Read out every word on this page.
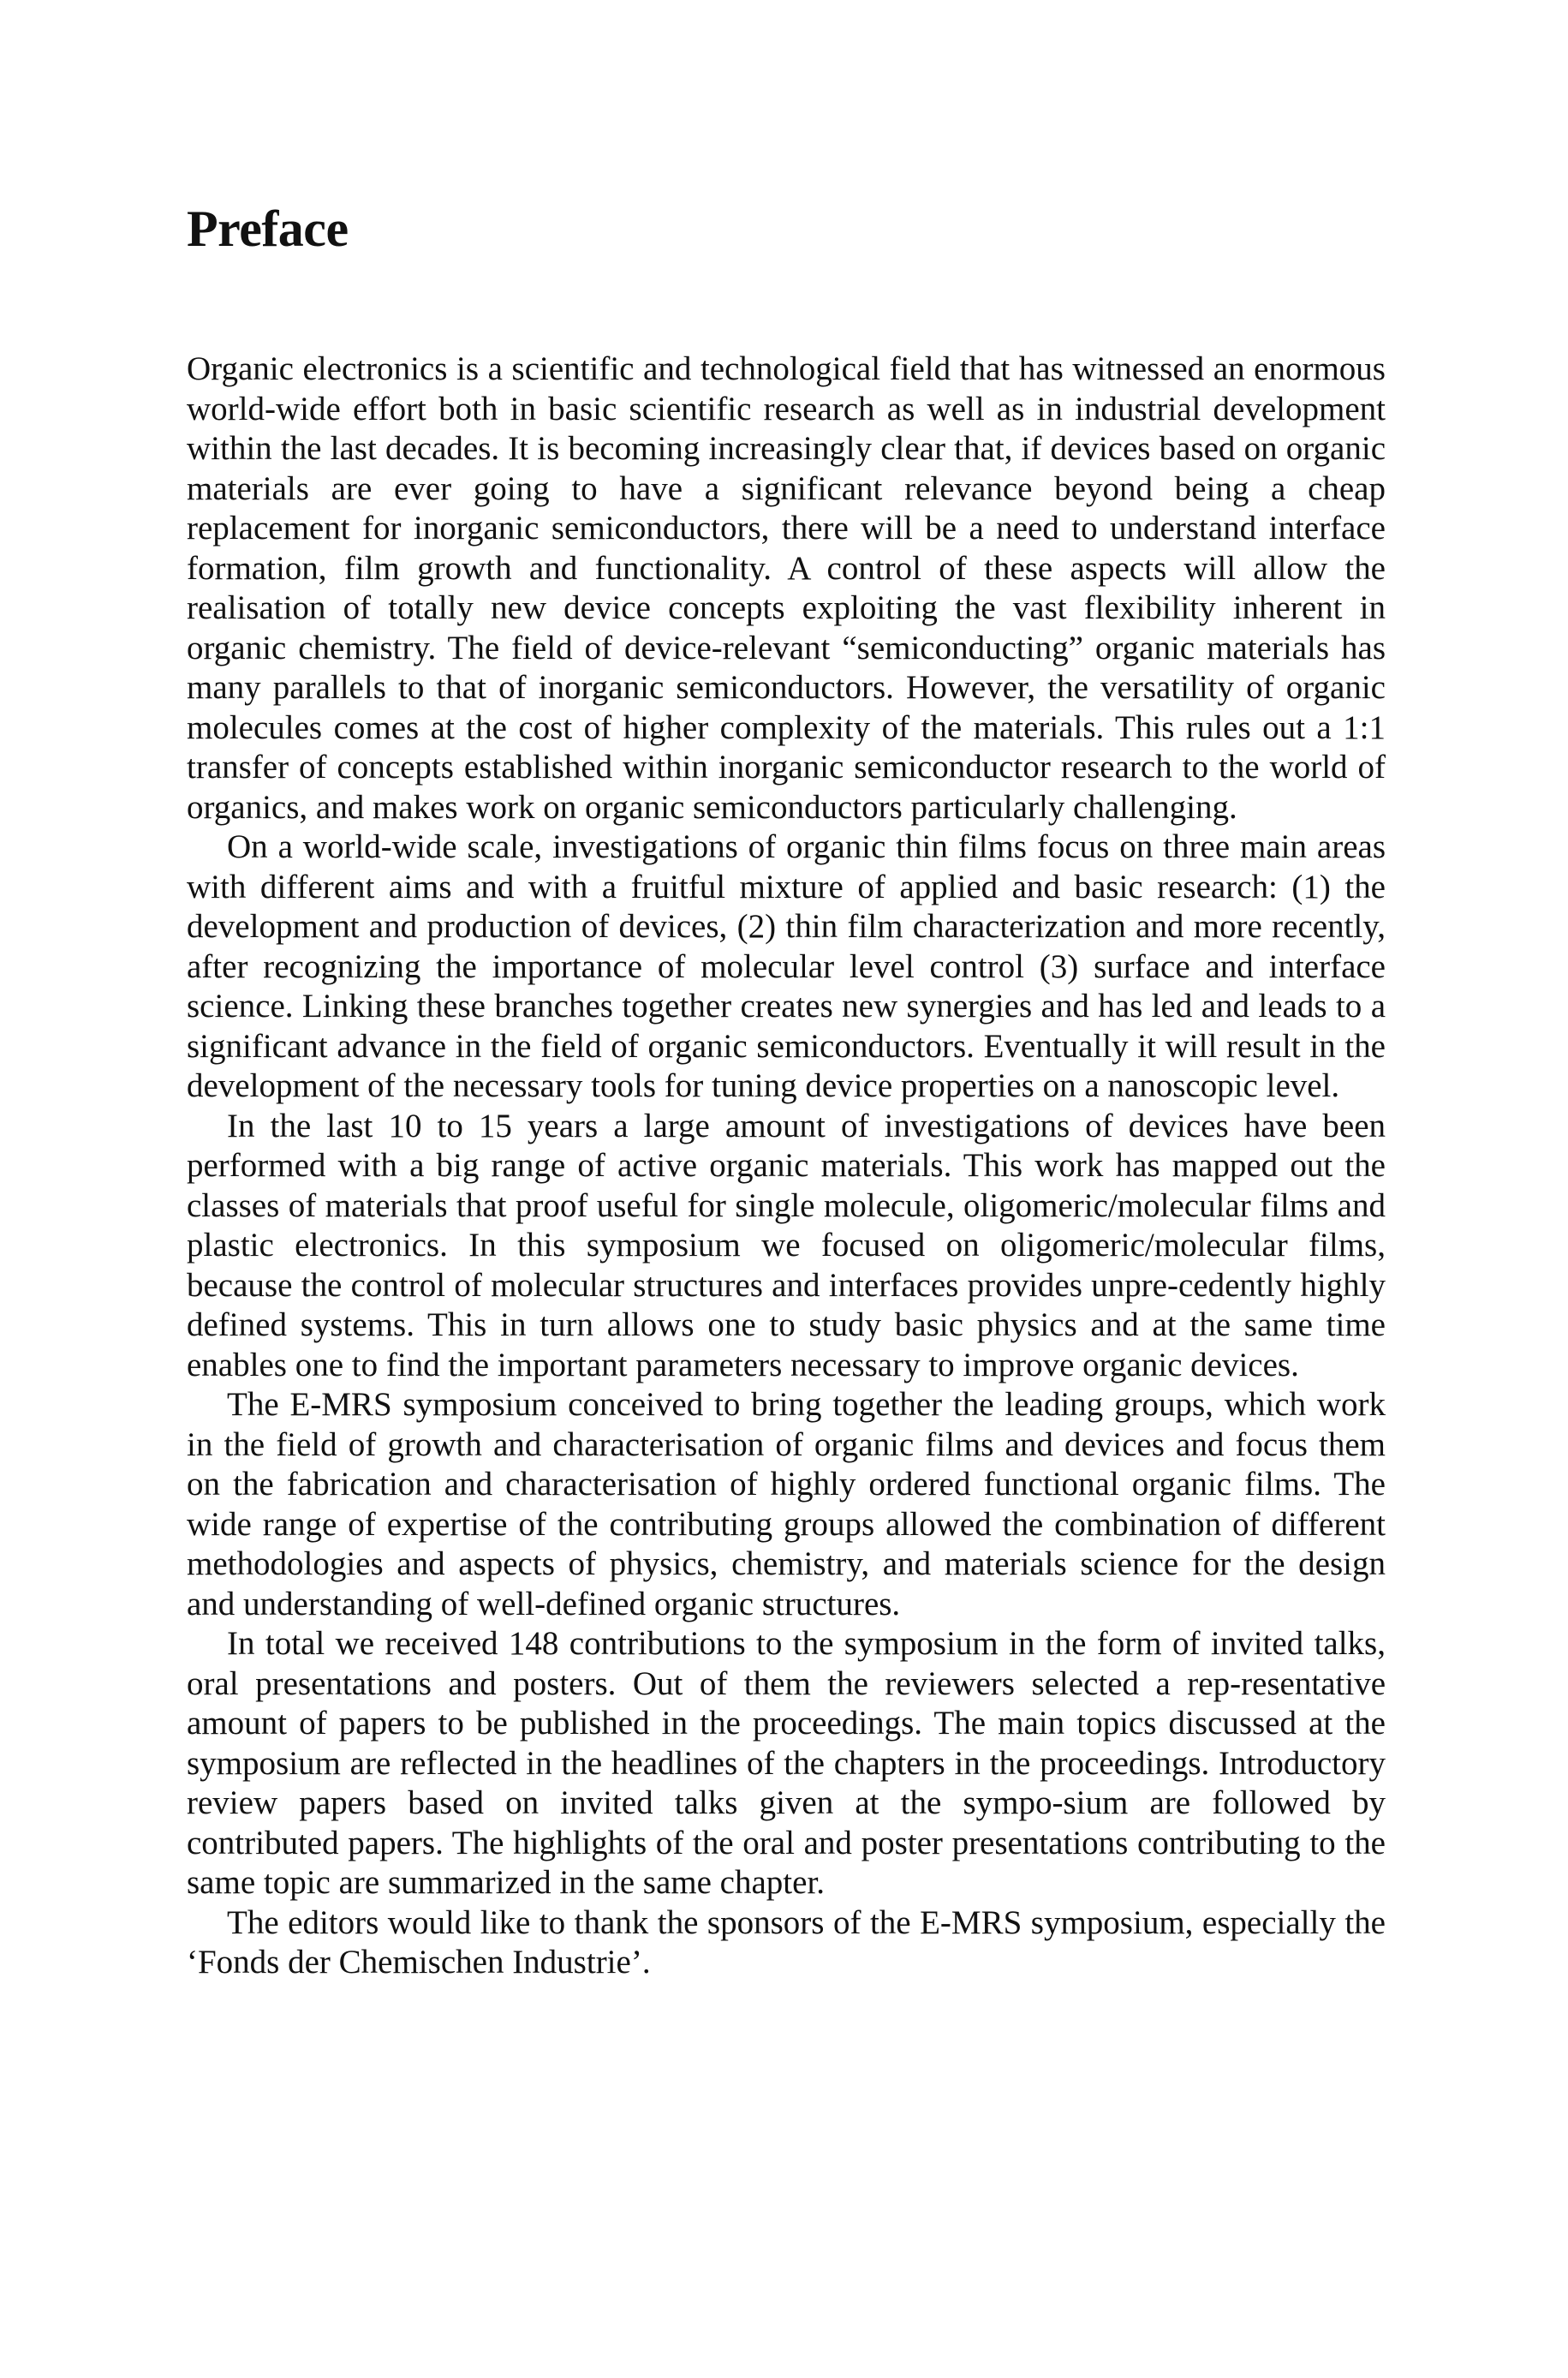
Preface

Organic electronics is a scientific and technological field that has witnessed an enormous world-wide effort both in basic scientific research as well as in industrial development within the last decades. It is becoming increasingly clear that, if devices based on organic materials are ever going to have a significant relevance beyond being a cheap replacement for inorganic semiconductors, there will be a need to understand interface formation, film growth and functionality. A control of these aspects will allow the realisation of totally new device concepts exploiting the vast flexibility inherent in organic chemistry. The field of device-relevant “semiconducting” organic materials has many parallels to that of inorganic semiconductors. However, the versatility of organic molecules comes at the cost of higher complexity of the materials. This rules out a 1:1 transfer of concepts established within inorganic semiconductor research to the world of organics, and makes work on organic semiconductors particularly challenging.

On a world-wide scale, investigations of organic thin films focus on three main areas with different aims and with a fruitful mixture of applied and basic research: (1) the development and production of devices, (2) thin film characterization and more recently, after recognizing the importance of molecular level control (3) surface and interface science. Linking these branches together creates new synergies and has led and leads to a significant advance in the field of organic semiconductors. Eventually it will result in the development of the necessary tools for tuning device properties on a nanoscopic level.

In the last 10 to 15 years a large amount of investigations of devices have been performed with a big range of active organic materials. This work has mapped out the classes of materials that proof useful for single molecule, oligomeric/molecular films and plastic electronics. In this symposium we focused on oligomeric/molecular films, because the control of molecular structures and interfaces provides unpre-cedently highly defined systems. This in turn allows one to study basic physics and at the same time enables one to find the important parameters necessary to improve organic devices.

The E-MRS symposium conceived to bring together the leading groups, which work in the field of growth and characterisation of organic films and devices and focus them on the fabrication and characterisation of highly ordered functional organic films. The wide range of expertise of the contributing groups allowed the combination of different methodologies and aspects of physics, chemistry, and materials science for the design and understanding of well-defined organic structures.

In total we received 148 contributions to the symposium in the form of invited talks, oral presentations and posters. Out of them the reviewers selected a rep-resentative amount of papers to be published in the proceedings. The main topics discussed at the symposium are reflected in the headlines of the chapters in the proceedings. Introductory review papers based on invited talks given at the sympo-sium are followed by contributed papers. The highlights of the oral and poster presentations contributing to the same topic are summarized in the same chapter.

The editors would like to thank the sponsors of the E-MRS symposium, especially the ‘Fonds der Chemischen Industrie’.
